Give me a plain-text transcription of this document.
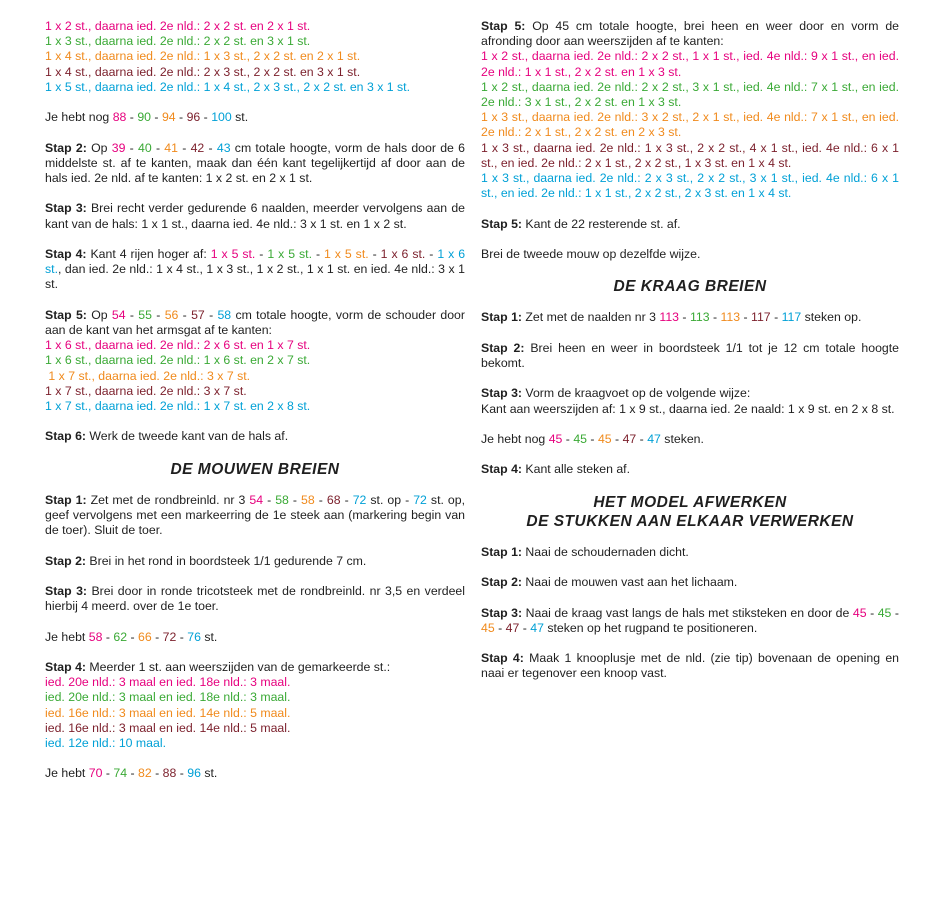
1 x 2 st., daarna ied. 2e nld.: 2 x 2 st. en 2 x 1 st.
1 x 3 st., daarna ied. 2e nld.: 2 x 2 st. en 3 x 1 st.
1 x 4 st., daarna ied. 2e nld.: 1 x 3 st., 2 x 2 st. en 2 x 1 st.
1 x 4 st., daarna ied. 2e nld.: 2 x 3 st., 2 x 2 st. en 3 x 1 st.
1 x 5 st., daarna ied. 2e nld.: 1 x 4 st., 2 x 3 st., 2 x 2 st. en 3 x 1 st.
Je hebt nog 88 - 90 - 94 - 96 - 100 st.
Stap 2: Op 39 - 40 - 41 - 42 - 43 cm totale hoogte, vorm de hals door de 6 middelste st. af te kanten, maak dan één kant tegelijkertijd af door aan de hals ied. 2e nld. af te kanten: 1 x 2 st. en 2 x 1 st.
Stap 3: Brei recht verder gedurende 6 naalden, meerder vervolgens aan de kant van de hals: 1 x 1 st., daarna ied. 4e nld.: 3 x 1 st. en 1 x 2 st.
Stap 4: Kant 4 rijen hoger af: 1 x 5 st. - 1 x 5 st. - 1 x 5 st. - 1 x 6 st. - 1 x 6 st., dan ied. 2e nld.: 1 x 4 st., 1 x 3 st., 1 x 2 st., 1 x 1 st. en ied. 4e nld.: 3 x 1 st.
Stap 5: Op 54 - 55 - 56 - 57 - 58 cm totale hoogte, vorm de schouder door aan de kant van het armsgat af te kanten:
1 x 6 st., daarna ied. 2e nld.: 2 x 6 st. en 1 x 7 st.
1 x 6 st., daarna ied. 2e nld.: 1 x 6 st. en 2 x 7 st.
1 x 7 st., daarna ied. 2e nld.: 3 x 7 st.
1 x 7 st., daarna ied. 2e nld.: 3 x 7 st.
1 x 7 st., daarna ied. 2e nld.: 1 x 7 st. en 2 x 8 st.
Stap 6: Werk de tweede kant van de hals af.
DE MOUWEN BREIEN
Stap 1: Zet met de rondbreinld. nr 3 54 - 58 - 58 - 68 - 72 st. op - 72 st. op, geef vervolgens met een markeerring de 1e steek aan (markering begin van de toer). Sluit de toer.
Stap 2: Brei in het rond in boordsteek 1/1 gedurende 7 cm.
Stap 3: Brei door in ronde tricotsteek met de rondbreinld. nr 3,5 en verdeel hierbij 4 meerd. over de 1e toer.
Je hebt 58 - 62 - 66 - 72 - 76 st.
Stap 4: Meerder 1 st. aan weerszijden van de gemarkeerde st.:
ied. 20e nld.: 3 maal en ied. 18e nld.: 3 maal.
ied. 20e nld.: 3 maal en ied. 18e nld.: 3 maal.
ied. 16e nld.: 3 maal en ied. 14e nld.: 5 maal.
ied. 16e nld.: 3 maal en ied. 14e nld.: 5 maal.
ied. 12e nld.: 10 maal.
Je hebt 70 - 74 - 82 - 88 - 96 st.
Stap 5: Op 45 cm totale hoogte, brei heen en weer door en vorm de afronding door aan weerszijden af te kanten:
1 x 2 st., daarna ied. 2e nld.: 2 x 2 st., 1 x 1 st., ied. 4e nld.: 9 x 1 st., en ied. 2e nld.: 1 x 1 st., 2 x 2 st. en 1 x 3 st.
1 x 2 st., daarna ied. 2e nld.: 2 x 2 st., 3 x 1 st., ied. 4e nld.: 7 x 1 st., en ied. 2e nld.: 3 x 1 st., 2 x 2 st. en 1 x 3 st.
1 x 3 st., daarna ied. 2e nld.: 3 x 2 st., 2 x 1 st., ied. 4e nld.: 7 x 1 st., en ied. 2e nld.: 2 x 1 st., 2 x 2 st. en 2 x 3 st.
1 x 3 st., daarna ied. 2e nld.: 1 x 3 st., 2 x 2 st., 4 x 1 st., ied. 4e nld.: 6 x 1 st., en ied. 2e nld.: 2 x 1 st., 2 x 2 st., 1 x 3 st. en 1 x 4 st.
1 x 3 st., daarna ied. 2e nld.: 2 x 3 st., 2 x 2 st., 3 x 1 st., ied. 4e nld.: 6 x 1 st., en ied. 2e nld.: 1 x 1 st., 2 x 2 st., 2 x 3 st. en 1 x 4 st.
Stap 5: Kant de 22 resterende st. af.
Brei de tweede mouw op dezelfde wijze.
DE KRAAG BREIEN
Stap 1: Zet met de naalden nr 3 113 - 113 - 113 - 117 - 117 steken op.
Stap 2: Brei heen en weer in boordsteek 1/1 tot je 12 cm totale hoogte bekomt.
Stap 3: Vorm de kraagvoet op de volgende wijze:
Kant aan weerszijden af: 1 x 9 st., daarna ied. 2e naald: 1 x 9 st. en 2 x 8 st.
Je hebt nog 45 - 45 - 45 - 47 - 47 steken.
Stap 4: Kant alle steken af.
HET MODEL AFWERKEN
DE STUKKEN AAN ELKAAR VERWERKEN
Stap 1: Naai de schoudernaden dicht.
Stap 2: Naai de mouwen vast aan het lichaam.
Stap 3: Naai de kraag vast langs de hals met stiksteken en door de 45 - 45 - 45 - 47 - 47 steken op het rugpand te positioneren.
Stap 4: Maak 1 knooplusje met de nld. (zie tip) bovenaan de opening en naai er tegenover een knoop vast.
